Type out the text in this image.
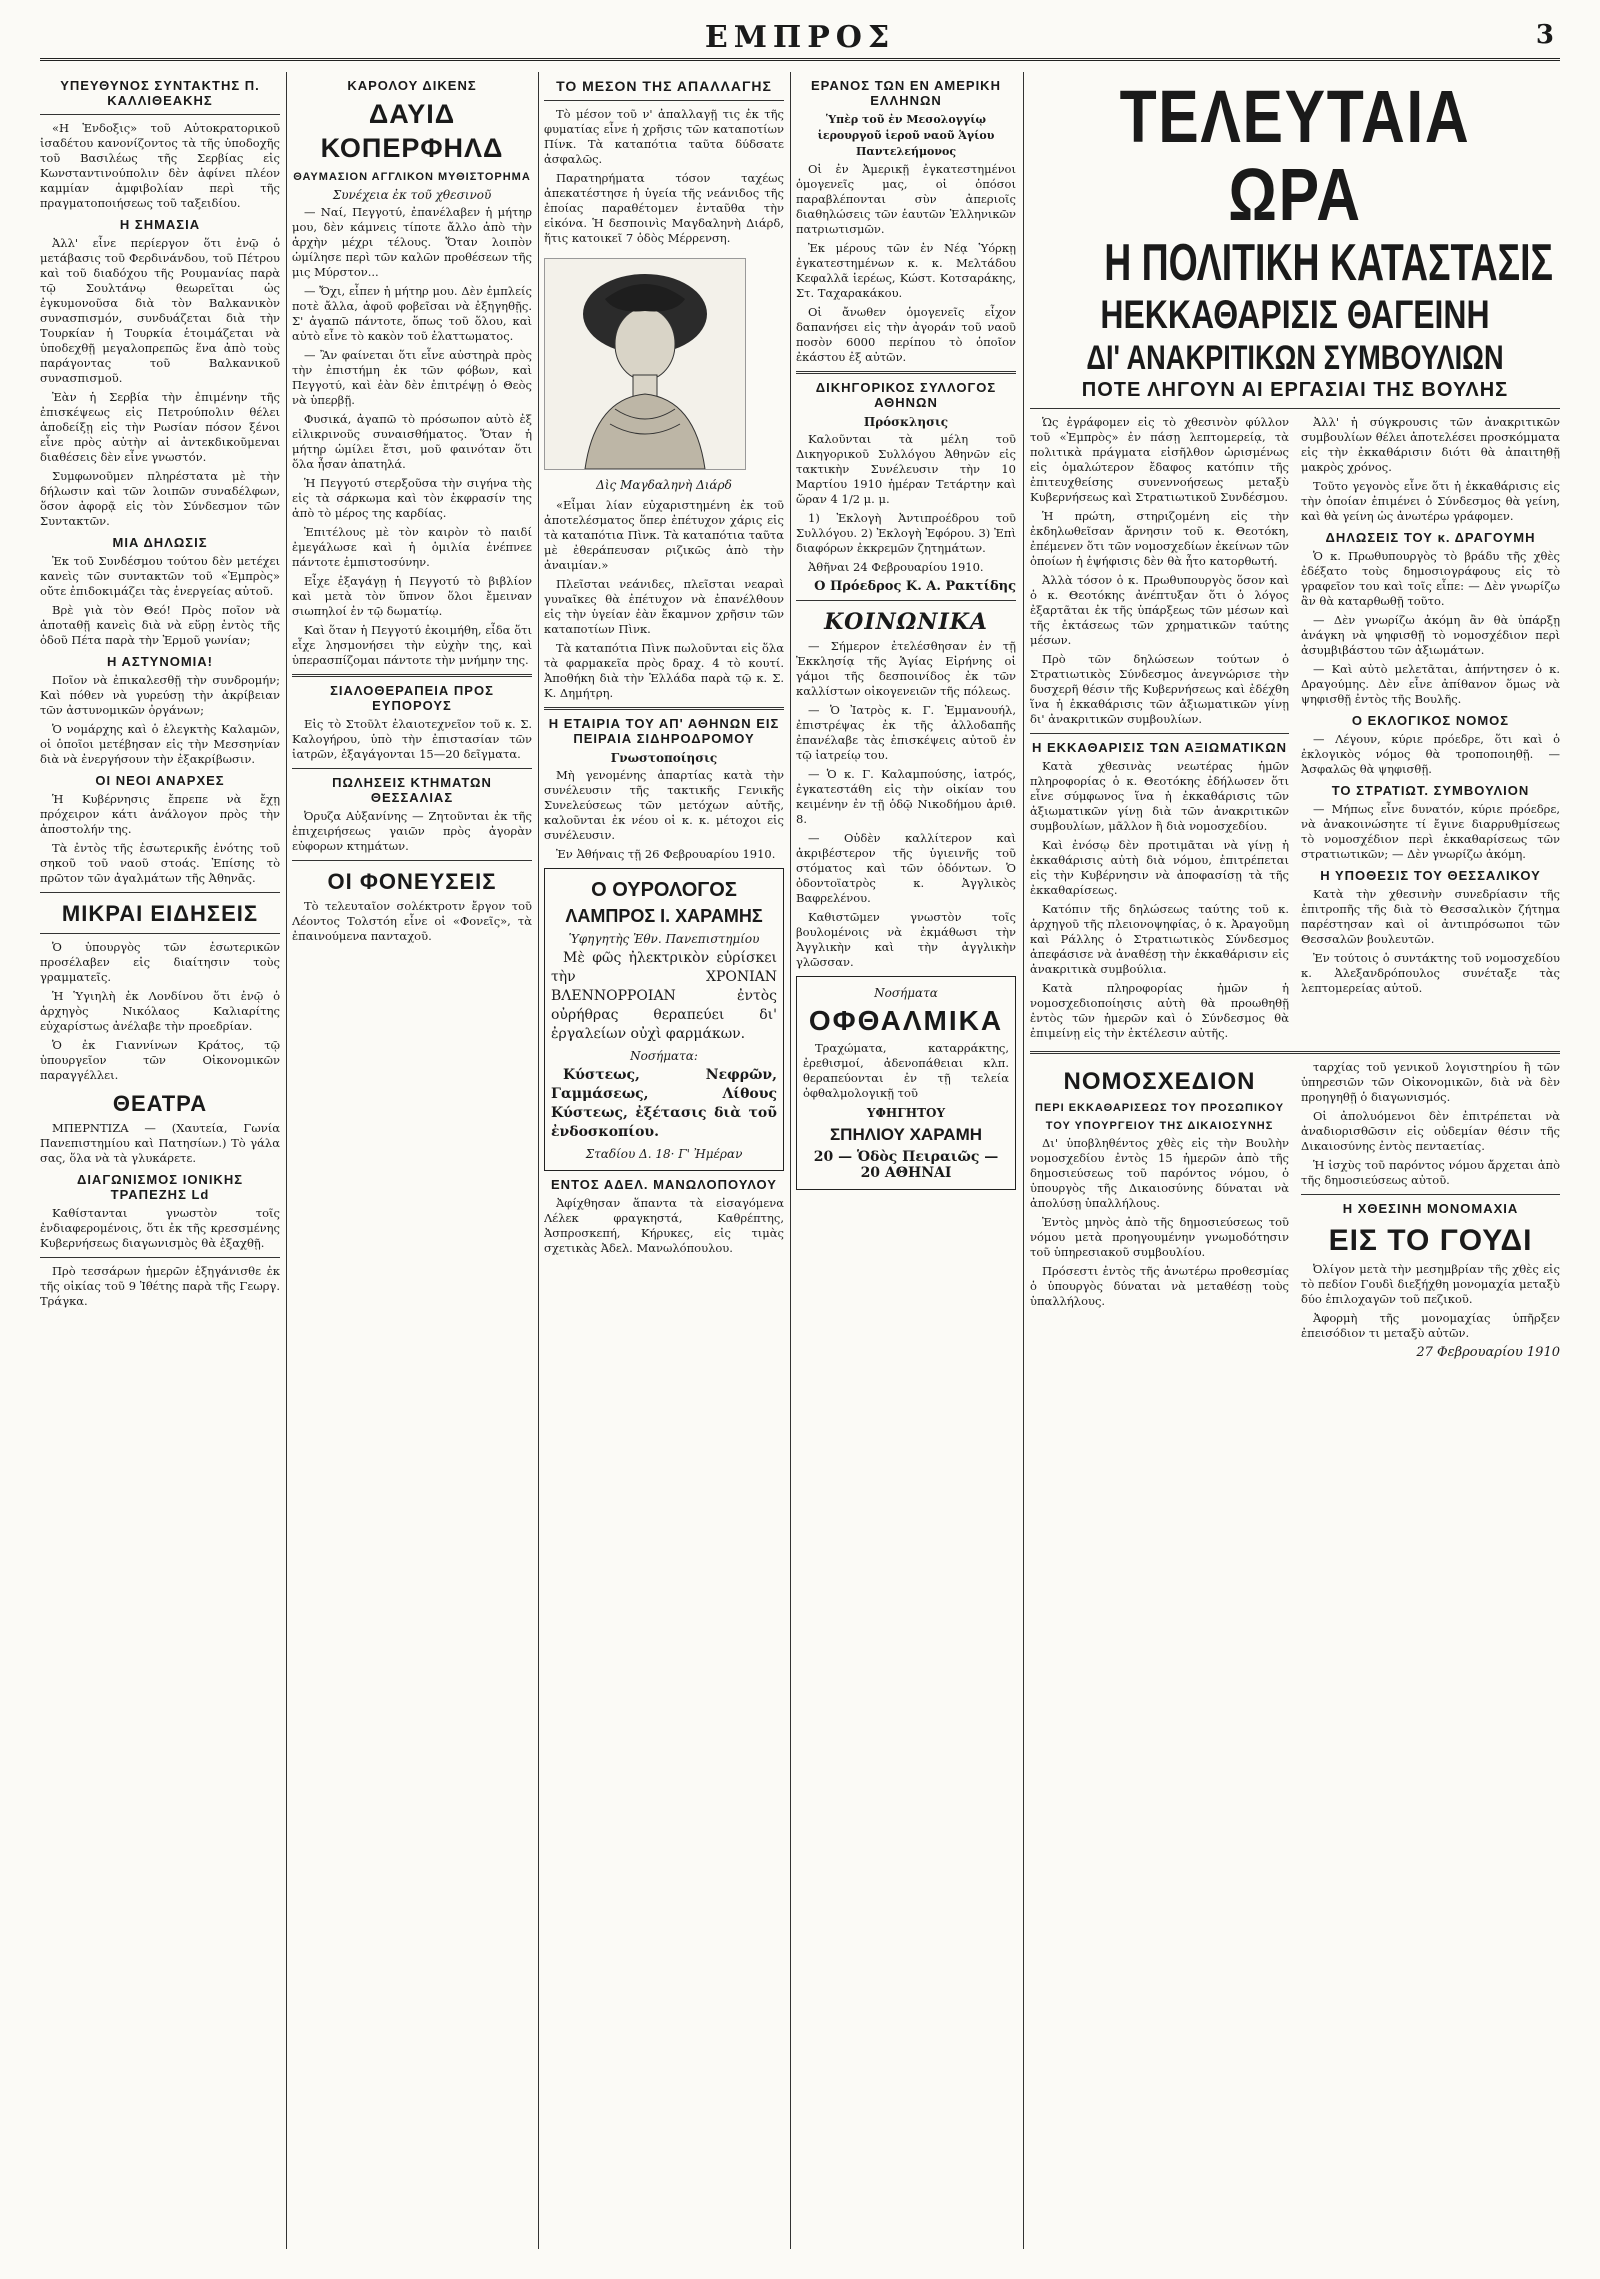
ΕΜΠΡΟΣ	3
ΥΠΕΥΘΥΝΟΣ ΣΥΝΤΑΚΤΗΣ Π. ΚΑΛΛΙΘΕΑΚΗΣ

«Η Ἑνδοξις» τοῦ Αὐτοκρατορικοῦ ἰσαδέτου κανονίζοντος τὰ τῆς ὑποδοχῆς τοῦ Βασιλέως τῆς Σερβίας εἰς Κωνσταντινούπολιν δὲν ἀφίνει πλέον καμμίαν ἀμφιβολίαν περὶ τῆς πραγματοποιήσεως τοῦ ταξειδίου.

Η ΣΗΜΑΣΙΑ

Ἀλλ' εἶνε περίεργον ὅτι ἐνῷ ὁ μετάβασις τοῦ Φερδινάνδου, τοῦ Πέτρου καὶ τοῦ διαδόχου τῆς Ρουμανίας παρὰ τῷ Σουλτάνῳ θεωρεῖται ὡς ἐγκυμονοῦσα διὰ τὸν Βαλκανικὸν συνασπισμόν, συνδυάζεται διὰ τὴν Τουρκίαν ἡ Τουρκία ἑτοιμάζεται νὰ ὑποδεχθῇ μεγαλοπρεπῶς ἕνα ἀπὸ τοὺς παράγοντας τοῦ Βαλκανικοῦ συνασπισμοῦ.

Ἐὰν ἡ Σερβία τὴν ἐπιμένην τῆς ἐπισκέψεως εἰς Πετρούπολιν θέλει ἀποδείξῃ εἰς τὴν Ρωσίαν πόσον ξένοι εἶνε πρὸς αὐτὴν αἱ ἀντεκδικοῦμεναι διαθέσεις δὲν εἶνε γνωστόν.

Συμφωνοῦμεν πληρέστατα μὲ τὴν δήλωσιν καὶ τῶν λοιπῶν συναδέλφων, ὅσον ἀφορᾷ εἰς τὸν Σύνδεσμον τῶν Συντακτῶν.

ΜΙΑ ΔΗΛΩΣΙΣ

Ἐκ τοῦ Συνδέσμου τούτου δὲν μετέχει κανεὶς τῶν συντακτῶν τοῦ «Ἐμπρὸς» οὔτε ἐπιδοκιμάζει τὰς ἐνεργείας αὐτοῦ.

Βρὲ γιὰ τὸν Θεό! Πρὸς ποῖον νὰ ἀποταθῇ κανεὶς διὰ νὰ εὕρῃ ἐντὸς τῆς ὁδοῦ Πέτα παρὰ τὴν Ἑρμοῦ γωνίαν;

Η ΑΣΤΥΝΟΜΙΑ!

Ποῖον νὰ ἐπικαλεσθῇ τὴν συνδρομήν; Καὶ πόθεν νὰ γυρεύσῃ τὴν ἀκρίβειαν τῶν ἀστυνομικῶν ὀργάνων;

Ὁ νομάρχης καὶ ὁ ἐλεγκτὴς Καλαμῶν, οἱ ὁποῖοι μετέβησαν εἰς τὴν Μεσσηνίαν διὰ νὰ ἐνεργήσουν τὴν ἐξακρίβωσιν.

ΟΙ ΝΕΟΙ ΑΝΑΡΧΕΣ

Ἡ Κυβέρνησις ἔπρεπε νὰ ἔχῃ πρόχειρον κάτι ἀνάλογον πρὸς τὴν ἀποστολήν της.

Τὰ ἐντὸς τῆς ἐσωτερικῆς ἐνότης τοῦ σηκοῦ τοῦ ναοῦ στοάς. Ἐπίσης τὸ πρῶτον τῶν ἀγαλμάτων τῆς Ἀθηνᾶς.

ΜΙΚΡΑΙ ΕΙΔΗΣΕΙΣ

Ὁ ὑπουργὸς τῶν ἐσωτερικῶν προσέλαβεν εἰς διαίτησιν τοὺς γραμματεῖς.

Ἡ Ὑγιηλὴ ἐκ Λονδίνου ὅτι ἐνῷ ὁ ἀρχηγὸς Νικόλαος Καλιαρίτης εὐχαρίστως ἀνέλαβε τὴν προεδρίαν.

Ὁ ἐκ Γιαννίνων Κράτος, τῷ ὑπουργεῖον τῶν Οἰκονομικῶν παραγγέλλει.

ΘΕΑΤΡΑ

ΜΠΕΡΝΤΙΖΑ — (Χαυτεία, Γωνία Πανεπιστημίου καὶ Πατησίων.) Τὸ γάλα σας, ὅλα νὰ τὰ γλυκάρετε.

ΔΙΑΓΩΝΙΣΜΟΣ ΙΟΝΙΚΗΣ ΤΡΑΠΕΖΗΣ Ld

Καθίστανται γνωστὸν τοῖς ἐνδιαφερομένοις, ὅτι ἐκ τῆς κρεσσμένης Κυβερνήσεως διαγωνισμὸς θὰ ἐξαχθῇ.

Πρὸ τεσσάρων ἡμερῶν ἐξηγάνισθε ἐκ τῆς οἰκίας τοῦ 9 Ἰθέτης παρὰ τῆς Γεωργ. Τράγκα.

ΚΑΡΟΛΟΥ ΔΙΚΕΝΣ
ΔΑΥΙΔ ΚΟΠΕΡΦΗΛΔ
ΘΑΥΜΑΣΙΟΝ ΑΓΓΛΙΚΟΝ ΜΥΘΙΣΤΟΡΗΜΑ
Συνέχεια ἐκ τοῦ χθεσινοῦ

— Ναί, Πεγγοτύ, ἐπανέλαβεν ἡ μήτηρ μου, δὲν κάμνεις τίποτε ἄλλο ἀπὸ τὴν ἀρχὴν μέχρι τέλους. Ὅταν λοιπὸν ὡμίλησε περὶ τῶν καλῶν προθέσεων τῆς μις Μύρστον...

— Ὄχι, εἶπεν ἡ μήτηρ μου. Δὲν ἐμπλείς ποτὲ ἄλλα, ἀφοῦ φοβεῖσαι νὰ ἐξηγηθῇς. Σ' ἀγαπῶ πάντοτε, ὅπως τοῦ ὅλου, καὶ αὐτὸ εἶνε τὸ κακὸν τοῦ ἐλαττωματος.

— Ἂν φαίνεται ὅτι εἶνε αὐστηρὰ πρὸς τὴν ἐπιστήμη ἐκ τῶν φόβων, καὶ Πεγγοτύ, καὶ ἐὰν δὲν ἐπιτρέψῃ ὁ Θεὸς νὰ ὑπερβῇ.

Φυσικά, ἀγαπῶ τὸ πρόσωπον αὐτὸ ἐξ εἰλικρινοῦς συναισθήματος. Ὅταν ἡ μήτηρ ὡμίλει ἔτσι, μοῦ φαινόταν ὅτι ὅλα ἦσαν ἀπατηλά.

Ἡ Πεγγοτύ στερξοῦσα τὴν σιγήνα τὴς εἰς τὰ σάρκωμα καὶ τὸν ἐκφρασίν της ἀπὸ τὸ μέρος της καρδίας.

Ἐπιτέλους μὲ τὸν καιρὸν τὸ παιδί ἐμεγάλωσε καὶ ἡ ὁμιλία ἐνέπνεε πάντοτε ἐμπιστοσύνην.

Εἶχε ἐξαγάγῃ ἡ Πεγγοτύ τὸ βιβλίον καὶ μετὰ τὸν ὕπνον ὅλοι ἔμειναν σιωπηλοί ἐν τῷ δωματίῳ.

Καὶ ὅταν ἡ Πεγγοτύ ἐκοιμήθη, εἶδα ὅτι εἶχε λησμονήσει τὴν εὐχὴν της, καὶ ὑπερασπίζομαι πάντοτε τὴν μνήμην της.

ΣΙΑΛΟΘΕΡΑΠΕΙΑ ΠΡΟΣ ΕΥΠΟΡΟΥΣ

Εἰς τὸ Στοῦλτ ἐλαιοτεχνεῖον τοῦ κ. Σ. Καλογήρου, ὑπὸ τὴν ἐπιστασίαν τῶν ἰατρῶν, ἐξαγάγονται 15—20 δεῖγματα.

ΠΩΛΗΣΕΙΣ ΚΤΗΜΑΤΩΝ ΘΕΣΣΑΛΙΑΣ

Ὀρυζα Αὐξανίνης — Ζητοῦνται ἐκ τῆς ἐπιχειρήσεως γαιῶν πρὸς ἀγορὰν εὐφορων κτημάτων.

ΟΙ ΦΟΝΕΥΣΕΙΣ

Τὸ τελευταῖον σολέκτροτν ἔργον τοῦ Λέοντος Τολστόη εἶνε οἱ «Φονεῖς», τὰ ἐπαινούμενα πανταχοῦ.

ΤΟ ΜΕΣΟΝ ΤΗΣ ΑΠΑΛΛΑΓΗΣ

Τὸ μέσον τοῦ ν' ἀπαλλαγῇ τις ἐκ τῆς φυματίας εἶνε ἡ χρῆσις τῶν καταποτίων Πίνκ. Τὰ καταπότια ταῦτα δύδσατε ἀσφαλῶς.

Παρατηρήματα τόσον ταχέως ἀπεκατέστησε ἡ ὑγεία τῆς νεάνιδος τῆς ἐποίας παραθέτομεν ἐνταῦθα τὴν εἰκόνα. Ἡ δεσποινὶς Μαγδαληνὴ Διάρδ, ἥτις κατοικεῖ 7 ὁδὸς Μέρρενση.

Δὶς Μαγδαληνὴ Διάρδ

«Εἶμαι λίαν εὐχαριστημένη ἐκ τοῦ ἀποτελέσματος ὅπερ ἐπέτυχον χάρις εἰς τὰ καταπότια Πὶνκ. Τὰ καταπότια ταῦτα μὲ ἐθεράπευσαν ριζικῶς ἀπὸ τὴν ἀναιμίαν.»

Πλεῖσται νεάνιδες, πλεῖσται νεαραὶ γυναῖκες θὰ ἐπέτυχον νὰ ἐπανέλθουν εἰς τὴν ὑγείαν ἐὰν ἔκαμνον χρῆσιν τῶν καταποτίων Πὶνκ.

Τὰ καταπότια Πὶνκ πωλοῦνται εἰς ὅλα τὰ φαρμακεῖα πρὸς δραχ. 4 τὸ κουτί. Ἀποθήκη διὰ τὴν Ἑλλάδα παρὰ τῷ κ. Σ. Κ. Δημήτρη.

Η ΕΤΑΙΡΙΑ ΤΟΥ ΑΠ' ΑΘΗΝΩΝ ΕΙΣ ΠΕΙΡΑΙΑ ΣΙΔΗΡΟΔΡΟΜΟΥ
Γνωστοποίησις

Μὴ γενομένης ἀπαρτίας κατὰ τὴν συνέλευσιν τῆς τακτικῆς Γενικῆς Συνελεύσεως τῶν μετόχων αὐτῆς, καλοῦνται ἐκ νέου οἱ κ. κ. μέτοχοι εἰς συνέλευσιν.

Ἐν Ἀθήναις τῇ 26 Φεβρουαρίου 1910.

Ο ΟΥΡΟΛΟΓΟΣ
ΛΑΜΠΡΟΣ Ι. ΧΑΡΑΜΗΣ
Ὑφηγητὴς Ἐθν. Πανεπιστημίου

Μὲ φῶς ἠλεκτρικὸν εὑρίσκει τὴν ΧΡΟΝΙΑΝ ΒΛΕΝΝΟΡΡΟΙΑΝ ἐντὸς οὐρήθρας θεραπεύει δι' ἐργαλείων οὐχὶ φαρμάκων.

Νοσήματα:

Κύστεως, Νεφρῶν, Γαμμάσεως, Λίθους Κύστεως, ἐξέτασις διὰ τοῦ ἐνδοσκοπίου.

Σταδίου Δ. 18· Γ' Ἠμέραν
ΕΝΤΟΣ ΑΔΕΛ. ΜΑΝΩΛΟΠΟΥΛΟΥ

Ἀφίχθησαν ἅπαντα τὰ εἰσαγόμενα Λέλεκ φραγκηστά, Καθρέπτης, Ἀσπροσκεπή, Κήρυκες, εἰς τιμὰς σχετικὰς Ἀδελ. Μανωλόπουλου.

ΕΡΑΝΟΣ ΤΩΝ ΕΝ ΑΜΕΡΙΚΗ ΕΛΛΗΝΩΝ
Ὑπὲρ τοῦ ἐν Μεσολογγίῳ ἱερουργοῦ ἱεροῦ ναοῦ Ἁγίου Παντελεήμονος

Οἱ ἐν Ἀμερικῇ ἐγκατεστημένοι ὁμογενεῖς μας, οἱ ὁπόσοι παραβλέπονται σὺν ἀπεριοῖς διαθηλώσεις τῶν ἑαυτῶν Ἑλληνικῶν πατριωτισμῶν.

Ἐκ μέρους τῶν ἐν Νέᾳ Ὑόρκῃ ἐγκατεστημένων κ. κ. Μελτάδου Κεφαλλᾶ ἱερέως, Κώστ. Κοτσαράκης, Στ. Ταχαρακάκου.

Οἱ ἄνωθεν ὁμογενεῖς εἶχον δαπανήσει εἰς τὴν ἀγοράν τοῦ ναοῦ ποσὸν 6000 περίπου τὸ ὁποῖον ἐκάστου ἐξ αὐτῶν.

ΔΙΚΗΓΟΡΙΚΟΣ ΣΥΛΛΟΓΟΣ ΑΘΗΝΩΝ
Πρόσκλησις

Καλοῦνται τὰ μέλη τοῦ Δικηγορικοῦ Συλλόγου Ἀθηνῶν εἰς τακτικὴν Συνέλευσιν τὴν 10 Μαρτίου 1910 ἡμέραν Τετάρτην καὶ ὥραν 4 1/2 μ. μ.

1) Ἐκλογὴ Ἀντιπροέδρου τοῦ Συλλόγου. 2) Ἐκλογὴ Ἐφόρου. 3) Ἐπὶ διαφόρων ἐκκρεμῶν ζητημάτων.

Ἀθῆναι 24 Φεβρουαρίου 1910.

Ο Πρόεδρος Κ. Α. Ρακτίδης
ΚΟΙΝΩΝΙΚΑ

— Σήμερον ἐτελέσθησαν ἐν τῇ Ἐκκλησίᾳ τῆς Ἁγίας Εἰρήνης οἱ γάμοι τῆς δεσποινίδος ἐκ τῶν καλλίστων οἰκογενειῶν τῆς πόλεως.

— Ὁ Ἰατρὸς κ. Γ. Ἐμμανουήλ, ἐπιστρέψας ἐκ τῆς ἀλλοδαπῆς ἐπανέλαβε τὰς ἐπισκέψεις αὐτοῦ ἐν τῷ ἰατρείῳ του.

— Ὁ κ. Γ. Καλαμπούσης, ἰατρός, ἐγκατεστάθη εἰς τὴν οἰκίαν του κειμένην ἐν τῇ ὁδῷ Νικοδήμου ἀριθ. 8.

— Οὐδὲν καλλίτερον καὶ ἀκριβέστερον τῆς ὑγιεινῆς τοῦ στόματος καὶ τῶν ὀδόντων. Ὁ ὀδοντοϊατρὸς κ. Ἀγγλικὸς Βαφρελένου.

Καθιστῶμεν γνωστὸν τοῖς βουλομένοις νὰ ἐκμάθωσι τὴν Ἀγγλικὴν καὶ τὴν ἀγγλικὴν γλῶσσαν.

Νοσήματα
ΟΦΘΑΛΜΙΚΑ

Τραχώματα, καταρράκτης, ἐρεθισμοί, ἀδενοπάθειαι κλπ. θεραπεύονται ἐν τῇ τελεία ὀφθαλμολογικῇ τοῦ

ΥΦΗΓΗΤΟΥ
ΣΠΗΛΙΟΥ ΧΑΡΑΜΗ
20 — Ὁδὸς Πειραιῶς — 20 ΑΘΗΝΑΙ
ΤΕΛΕΥΤΑΙΑ ΩΡΑ
Η ΠΟΛΙΤΙΚΗ ΚΑΤΑΣΤΑΣΙΣ
ΗΕΚΚΑΘΑΡΙΣΙΣ ΘΑΓΕΙΝΗ
ΔΙ' ΑΝΑΚΡΙΤΙΚΩΝ ΣΥΜΒΟΥΛΙΩΝ
ΠΟΤΕ ΛΗΓΟΥΝ ΑΙ ΕΡΓΑΣΙΑΙ ΤΗΣ ΒΟΥΛΗΣ

Ὡς ἐγράφομεν εἰς τὸ χθεσινὸν φύλλον τοῦ «Ἐμπρὸς» ἐν πάσῃ λεπτομερείᾳ, τὰ πολιτικὰ πράγματα εἰσῆλθον ὡρισμένως εἰς ὁμαλώτερον ἔδαφος κατόπιν τῆς ἐπιτευχθείσης συνεννοήσεως μεταξὺ Κυβερνήσεως καὶ Στρατιωτικοῦ Συνδέσμου.

Ἡ πρώτη, στηριζομένη εἰς τὴν ἐκδηλωθεῖσαν ἄρνησιν τοῦ κ. Θεοτόκη, ἐπέμενεν ὅτι τῶν νομοσχεδίων ἐκείνων τῶν ὁποίων ἡ ἐψήφισις δὲν θὰ ἦτο κατορθωτή.

Ἀλλὰ τόσον ὁ κ. Πρωθυπουργὸς ὅσον καὶ ὁ κ. Θεοτόκης ἀνέπτυξαν ὅτι ὁ λόγος ἐξαρτᾶται ἐκ τῆς ὑπάρξεως τῶν μέσων καὶ τῆς ἐκτάσεως τῶν χρηματικῶν ταύτης μέσων.

Πρὸ τῶν δηλώσεων τούτων ὁ Στρατιωτικὸς Σύνδεσμος ἀνεγνώρισε τὴν δυσχερῆ θέσιν τῆς Κυβερνήσεως καὶ ἐδέχθη ἵνα ἡ ἐκκαθάρισις τῶν ἀξιωματικῶν γίνῃ δι' ἀνακριτικῶν συμβουλίων.

Η ΕΚΚΑΘΑΡΙΣΙΣ ΤΩΝ ΑΞΙΩΜΑΤΙΚΩΝ

Κατὰ χθεσινὰς νεωτέρας ἡμῶν πληροφορίας ὁ κ. Θεοτόκης ἐδήλωσεν ὅτι εἶνε σύμφωνος ἵνα ἡ ἐκκαθάρισις τῶν ἀξιωματικῶν γίνῃ διὰ τῶν ἀνακριτικῶν συμβουλίων, μᾶλλον ἢ διὰ νομοσχεδίου.

Καὶ ἐνόσῳ δὲν προτιμᾶται νὰ γίνῃ ἡ ἐκκαθάρισις αὐτὴ διὰ νόμου, ἐπιτρέπεται εἰς τὴν Κυβέρνησιν νὰ ἀποφασίσῃ τὰ τῆς ἐκκαθαρίσεως.

Κατόπιν τῆς δηλώσεως ταύτης τοῦ κ. ἀρχηγοῦ τῆς πλειονοψηφίας, ὁ κ. Ἀραγοῦμη καὶ Ράλλης ὁ Στρατιωτικὸς Σύνδεσμος ἀπεφάσισε νὰ ἀναθέσῃ τὴν ἐκκαθάρισιν εἰς ἀνακριτικὰ συμβούλια.

Κατὰ πληροφορίας ἡμῶν ἡ νομοσχεδιοποίησις αὐτὴ θὰ προωθηθῇ ἐντὸς τῶν ἡμερῶν καὶ ὁ Σύνδεσμος θὰ ἐπιμείνῃ εἰς τὴν ἐκτέλεσιν αὐτῆς.

Ἀλλ' ἡ σύγκρουσις τῶν ἀνακριτικῶν συμβουλίων θέλει ἀποτελέσει προσκόμματα εἰς τὴν ἐκκαθάρισιν διότι θὰ ἀπαιτηθῇ μακρὸς χρόνος.

Τοῦτο γεγονὸς εἶνε ὅτι ἡ ἐκκαθάρισις εἰς τὴν ὁποίαν ἐπιμένει ὁ Σύνδεσμος θὰ γείνη, καὶ θὰ γείνη ὡς ἀνωτέρω γράφομεν.

ΔΗΛΩΣΕΙΣ ΤΟΥ κ. ΔΡΑΓΟΥΜΗ

Ὁ κ. Πρωθυπουργὸς τὸ βράδυ τῆς χθὲς ἐδέξατο τοὺς δημοσιογράφους εἰς τὸ γραφεῖον του καὶ τοῖς εἶπε: — Δὲν γνωρίζω ἂν θὰ καταρθωθῇ τοῦτο.

— Δὲν γνωρίζω ἀκόμη ἂν θὰ ὑπάρξῃ ἀνάγκη νὰ ψηφισθῇ τὸ νομοσχέδιον περὶ ἀσυμβιβάστου τῶν ἀξιωμάτων.

— Καὶ αὐτὸ μελετᾶται, ἀπήντησεν ὁ κ. Δραγούμης. Δὲν εἶνε ἀπίθανον ὅμως νὰ ψηφισθῇ ἐντὸς τῆς Βουλῆς.

Ο ΕΚΛΟΓΙΚΟΣ ΝΟΜΟΣ

— Λέγουν, κύριε πρόεδρε, ὅτι καὶ ὁ ἐκλογικὸς νόμος θὰ τροποποιηθῇ. — Ἀσφαλῶς θὰ ψηφισθῇ.

ΤΟ ΣΤΡΑΤΙΩΤ. ΣΥΜΒΟΥΛΙΟΝ

— Μήπως εἶνε δυνατόν, κύριε πρόεδρε, νὰ ἀνακοινώσητε τί ἔγινε διαρρυθμίσεως τὸ νομοσχέδιον περὶ ἐκκαθαρίσεως τῶν στρατιωτικῶν; — Δὲν γνωρίζω ἀκόμη.

Η ΥΠΟΘΕΣΙΣ ΤΟΥ ΘΕΣΣΑΛΙΚΟΥ

Κατὰ τὴν χθεσινὴν συνεδρίασιν τῆς ἐπιτροπῆς τῆς διὰ τὸ Θεσσαλικὸν ζήτημα παρέστησαν καὶ οἱ ἀντιπρόσωποι τῶν Θεσσαλῶν βουλευτῶν.

Ἐν τούτοις ὁ συντάκτης τοῦ νομοσχεδίου κ. Ἀλεξανδρόπουλος συνέταξε τὰς λεπτομερείας αὐτοῦ.

ΝΟΜΟΣΧΕΔΙΟΝ
ΠΕΡΙ ΕΚΚΑΘΑΡΙΣΕΩΣ ΤΟΥ ΠΡΟΣΩΠΙΚΟΥ
ΤΟΥ ΥΠΟΥΡΓΕΙΟΥ ΤΗΣ ΔΙΚΑΙΟΣΥΝΗΣ

Δι' ὑποβληθέντος χθὲς εἰς τὴν Βουλὴν νομοσχεδίου ἐντὸς 15 ἡμερῶν ἀπὸ τῆς δημοσιεύσεως τοῦ παρόντος νόμου, ὁ ὑπουργὸς τῆς Δικαιοσύνης δύναται νὰ ἀπολύσῃ ὑπαλλήλους.

Ἐντὸς μηνὸς ἀπὸ τῆς δημοσιεύσεως τοῦ νόμου μετὰ προηγουμένην γνωμοδότησιν τοῦ ὑπηρεσιακοῦ συμβουλίου.

Πρόσεστι ἐντὸς τῆς ἀνωτέρω προθεσμίας ὁ ὑπουργὸς δύναται νὰ μεταθέσῃ τοὺς ὑπαλλήλους.

ταρχίας τοῦ γενικοῦ λογιστηρίου ἢ τῶν ὑπηρεσιῶν τῶν Οἰκονομικῶν, διὰ νὰ δὲν προηγηθῇ ὁ διαγωνισμός.

Οἱ ἀπολυόμενοι δὲν ἐπιτρέπεται νὰ ἀναδιορισθῶσιν εἰς οὐδεμίαν θέσιν τῆς Δικαιοσύνης ἐντὸς πενταετίας.

Ἡ ἰσχὺς τοῦ παρόντος νόμου ἄρχεται ἀπὸ τῆς δημοσιεύσεως αὐτοῦ.

Η ΧΘΕΣΙΝΗ ΜΟΝΟΜΑΧΙΑ
ΕΙΣ ΤΟ ΓΟΥΔΙ

Ὀλίγον μετὰ τὴν μεσημβρίαν τῆς χθὲς εἰς τὸ πεδίον Γουδὶ διεξήχθη μονομαχία μεταξὺ δύο ἐπιλοχαγῶν τοῦ πεζικοῦ.

Ἀφορμὴ τῆς μονομαχίας ὑπῆρξεν ἐπεισόδιον τι μεταξὺ αὐτῶν.

27 Φεβρουαρίου 1910
